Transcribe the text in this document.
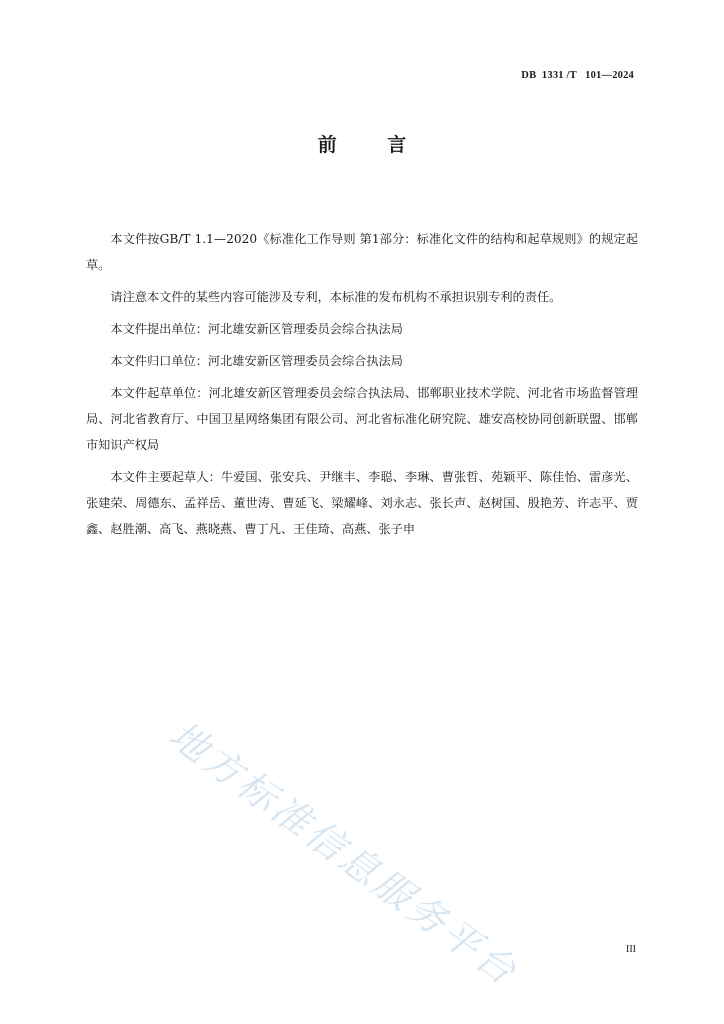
DB  1331 /T   101—2024
前 言

本文件按GB/T 1.1—2020《标准化工作导则 第1部分：标准化文件的结构和起草规则》的规定起草。

请注意本文件的某些内容可能涉及专利，本标准的发布机构不承担识别专利的责任。

本文件提出单位：河北雄安新区管理委员会综合执法局

本文件归口单位：河北雄安新区管理委员会综合执法局

本文件起草单位：河北雄安新区管理委员会综合执法局、邯郸职业技术学院、河北省市场监督管理局、河北省教育厅、中国卫星网络集团有限公司、河北省标准化研究院、雄安高校协同创新联盟、邯郸市知识产权局

本文件主要起草人：牛爱国、张安兵、尹继丰、李聪、李琳、曹张哲、苑颖平、陈佳怡、雷彦光、张建荣、周德东、孟祥岳、董世涛、曹延飞、梁耀峰、刘永志、张长声、赵树国、殷艳芳、许志平、贾鑫、赵胜潮、高飞、燕晓燕、曹丁凡、王佳琦、高燕、张子申

地方标准信息服务平台	III
